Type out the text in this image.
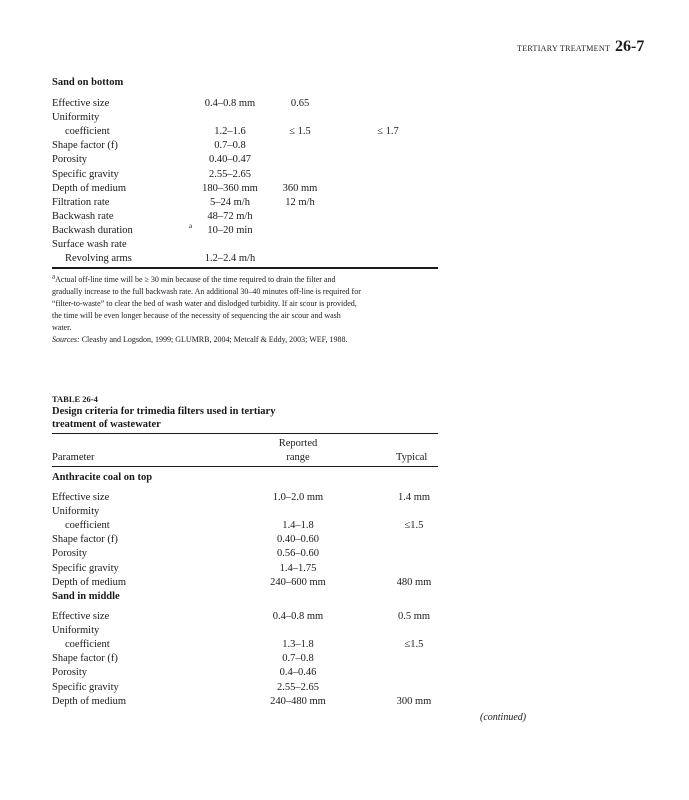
TERTIARY TREATMENT 26-7
Sand on bottom
Effective size	0.4–0.8 mm	0.65
Uniformity
coefficient	1.2–1.6	≤ 1.5	≤ 1.7
Shape factor (f)	0.7–0.8
Porosity	0.40–0.47
Specific gravity	2.55–2.65
Depth of medium	180–360 mm	360 mm
Filtration rate	5–24 m/h	12 m/h
Backwash rate	48–72 m/h
Backwash duration	a	10–20 min
Surface wash rate
Revolving arms	1.2–2.4 m/h
aActual off-line time will be ≥ 30 min because of the time required to drain the filter and
gradually increase to the full backwash rate. An additional 30–40 minutes off-line is required for
“filter-to-waste” to clear the bed of wash water and dislodged turbidity. If air scour is provided,
the time will be even longer because of the necessity of sequencing the air scour and wash
water.
Sources: Cleasby and Logsdon, 1999; GLUMRB, 2004; Metcalf & Eddy, 2003; WEF, 1988.
TABLE 26-4
Design criteria for trimedia filters used in tertiary treatment of wastewater
Parameter
Reported
range	Typical
Anthracite coal on top
Effective size	1.0–2.0 mm	1.4 mm
Uniformity
coefficient	1.4–1.8	≤1.5
Shape factor (f)	0.40–0.60
Porosity	0.56–0.60
Specific gravity	1.4–1.75
Depth of medium	240–600 mm	480 mm
Sand in middle
Effective size	0.4–0.8 mm	0.5 mm
Uniformity
coefficient	1.3–1.8	≤1.5
Shape factor (f)	0.7–0.8
Porosity	0.4–0.46
Specific gravity	2.55–2.65
Depth of medium	240–480 mm	300 mm
(continued)
